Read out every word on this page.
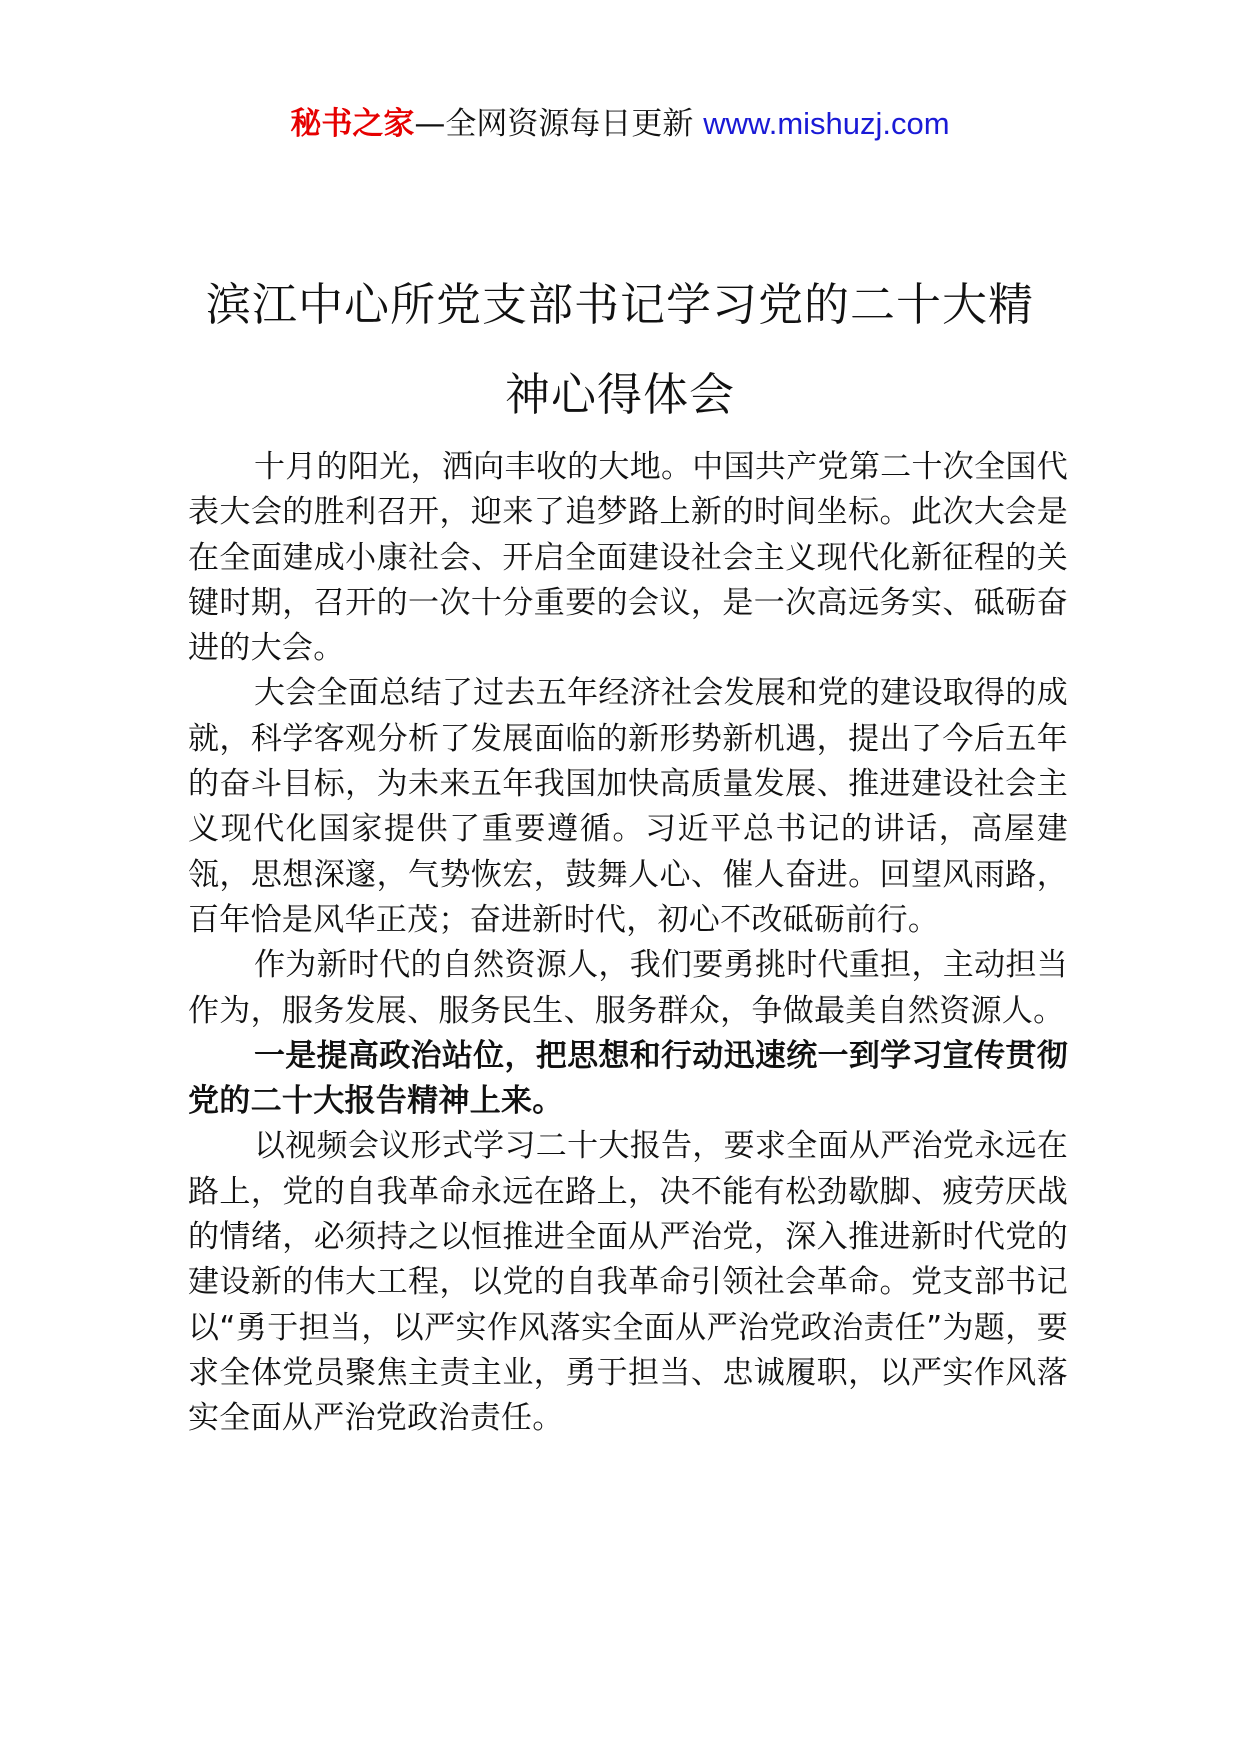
秘书之家—全网资源每日更新 www.mishuzj.com
滨江中心所党支部书记学习党的二十大精
神心得体会

十月的阳光，洒向丰收的大地。中国共产党第二十次全国代表大会的胜利召开，迎来了追梦路上新的时间坐标。此次大会是在全面建成小康社会、开启全面建设社会主义现代化新征程的关键时期，召开的一次十分重要的会议，是一次高远务实、砥砺奋进的大会。

大会全面总结了过去五年经济社会发展和党的建设取得的成就，科学客观分析了发展面临的新形势新机遇，提出了今后五年的奋斗目标，为未来五年我国加快高质量发展、推进建设社会主义现代化国家提供了重要遵循。习近平总书记的讲话，高屋建瓴，思想深邃，气势恢宏，鼓舞人心、催人奋进。回望风雨路，百年恰是风华正茂；奋进新时代，初心不改砥砺前行。

作为新时代的自然资源人，我们要勇挑时代重担，主动担当作为，服务发展、服务民生、服务群众，争做最美自然资源人。

一是提高政治站位，把思想和行动迅速统一到学习宣传贯彻党的二十大报告精神上来。

以视频会议形式学习二十大报告，要求全面从严治党永远在路上，党的自我革命永远在路上，决不能有松劲歇脚、疲劳厌战的情绪，必须持之以恒推进全面从严治党，深入推进新时代党的建设新的伟大工程，以党的自我革命引领社会革命。党支部书记以“勇于担当，以严实作风落实全面从严治党政治责任”为题，要求全体党员聚焦主责主业，勇于担当、忠诚履职，以严实作风落实全面从严治党政治责任。
